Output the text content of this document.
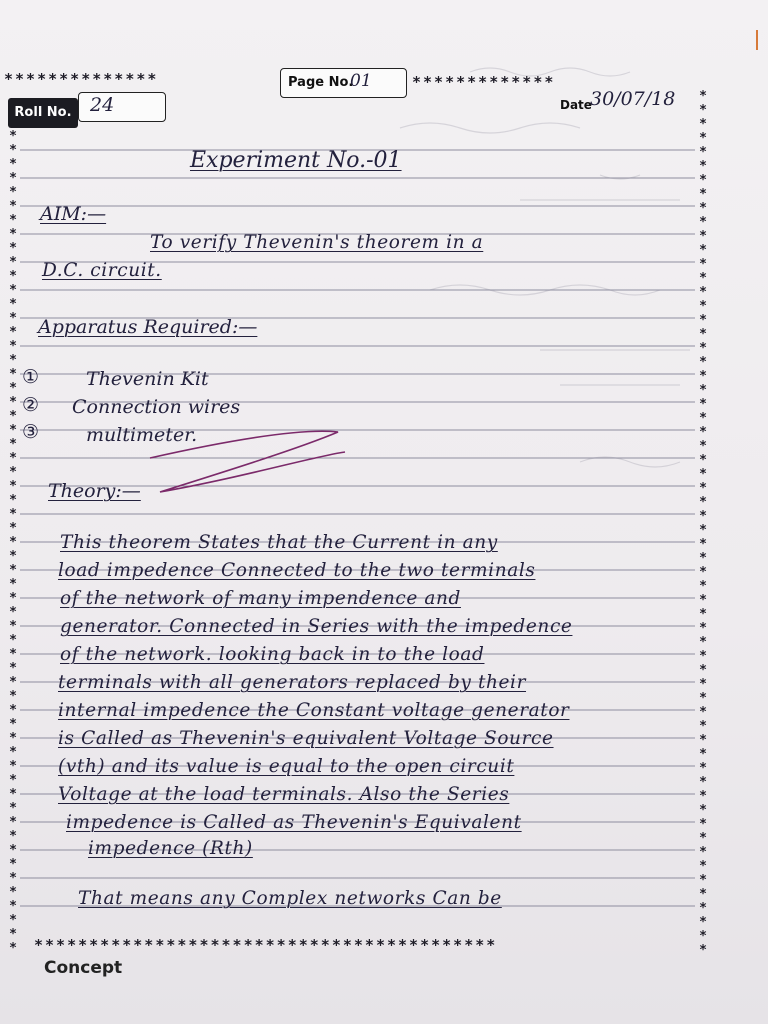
**************	*************
******************************************
*
*
*
*
*
*
*
*
*
*
*
*
*
*
*
*
*
*
*
*
*
*
*
*
*
*
*
*
*
*
*
*
*
*
*
*
*
*
*
*
*
*
*
*
*
*
*
*
*
*
*
*
*
*
*
*
*
*
*
*
*
*
*
*
*
*
*
*
*
*
*
*
*
*
*
*
*
*
*
*
*
*
*
*
*
*
*
*
*
*
*
*
*
*
*
*
*
*
*
*
*
*
*
*
*
*
*
*
*
*
*
*
*
*
*
*
*
*
*
*
*
Page No.
01
Roll No. 24	Date
30/07/18
Experiment No.-01
AIM:—
To verify Thevenin's theorem in a
D.C. circuit.
Apparatus Required:—
① Thevenin Kit
② Connection wires
③ multimeter.
Theory:—
This theorem States that the Current in any
load impedence Connected to the two terminals
of the network of many impendence and
generator. Connected in Series with the impedence
of the network. looking back in to the load
terminals with all generators replaced by their
internal impedence the Constant voltage generator
is Called as Thevenin's equivalent Voltage Source
(vth) and its value is equal to the open circuit
Voltage at the load terminals. Also the Series
impedence is Called as Thevenin's Equivalent
impedence (Rth)
That means any Complex networks Can be
Concept
